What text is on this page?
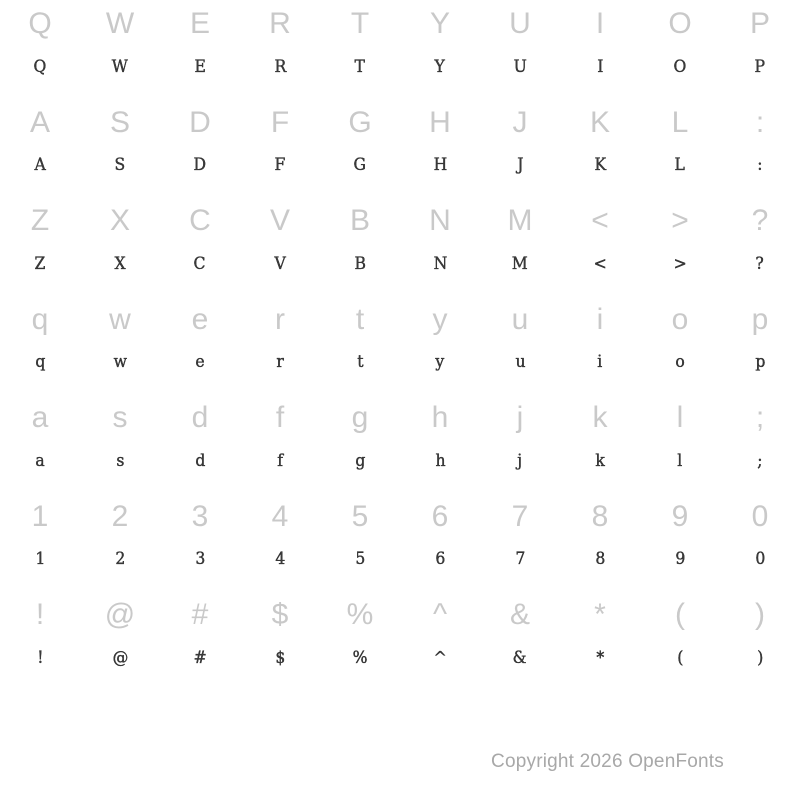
Q
Q
W
W
E
E
R
R
T
T
Y
Y
U
U
I
I
O
O
P
P
A
A
S
S
D
D
F
F
G
G
H
H
J
J
K
K
L
L
:
:
Z
Z
X
X
C
C
V
V
B
B
N
N
M
M
<
<
>
>
?
?
q
q
w
w
e
e
r
r
t
t
y
y
u
u
i
i
o
o
p
p
a
a
s
s
d
d
f
f
g
g
h
h
j
j
k
k
l
l
;
;
1
1
2
2
3
3
4
4
5
5
6
6
7
7
8
8
9
9
0
0
!
!
@
@
#
#
$
$
%
%
^
^
&
&
*
*
(
(
)
)
Copyright 2026 OpenFonts
